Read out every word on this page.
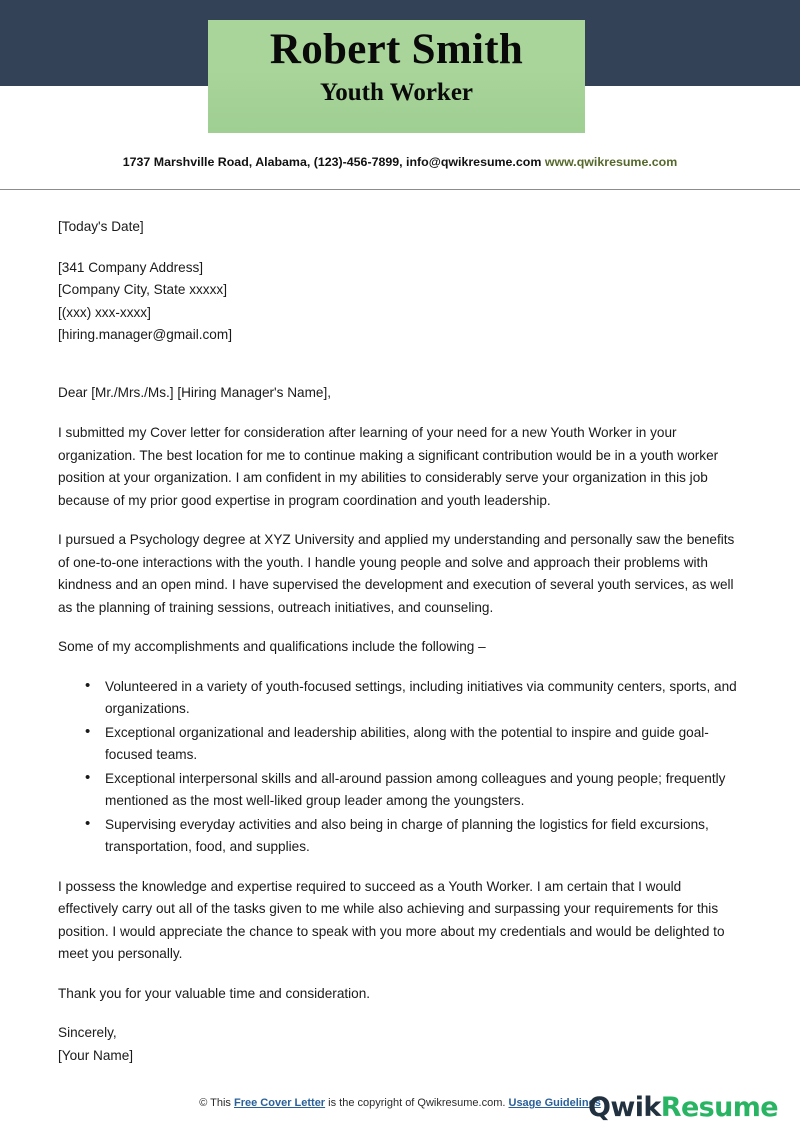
Robert Smith
Youth Worker
1737 Marshville Road, Alabama, (123)-456-7899, info@qwikresume.com www.qwikresume.com
[Today's Date]
[341 Company Address]
[Company City, State xxxxx]
[(xxx) xxx-xxxx]
[hiring.manager@gmail.com]
Dear [Mr./Mrs./Ms.] [Hiring Manager's Name],
I submitted my Cover letter for consideration after learning of your need for a new Youth Worker in your organization. The best location for me to continue making a significant contribution would be in a youth worker position at your organization. I am confident in my abilities to considerably serve your organization in this job because of my prior good expertise in program coordination and youth leadership.
I pursued a Psychology degree at XYZ University and applied my understanding and personally saw the benefits of one-to-one interactions with the youth. I handle young people and solve and approach their problems with kindness and an open mind. I have supervised the development and execution of several youth services, as well as the planning of training sessions, outreach initiatives, and counseling.
Some of my accomplishments and qualifications include the following –
• Volunteered in a variety of youth-focused settings, including initiatives via community centers, sports, and organizations.
• Exceptional organizational and leadership abilities, along with the potential to inspire and guide goal-focused teams.
• Exceptional interpersonal skills and all-around passion among colleagues and young people; frequently mentioned as the most well-liked group leader among the youngsters.
• Supervising everyday activities and also being in charge of planning the logistics for field excursions, transportation, food, and supplies.
I possess the knowledge and expertise required to succeed as a Youth Worker. I am certain that I would effectively carry out all of the tasks given to me while also achieving and surpassing your requirements for this position. I would appreciate the chance to speak with you more about my credentials and would be delighted to meet you personally.
Thank you for your valuable time and consideration.
Sincerely,
[Your Name]
© This Free Cover Letter is the copyright of Qwikresume.com. Usage Guidelines
Qwik Resume
